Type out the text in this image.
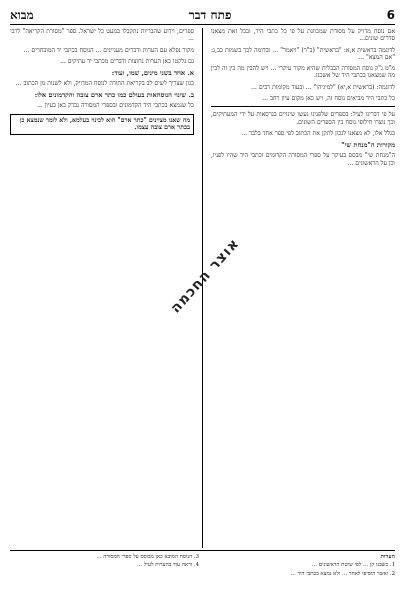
6
פתח דבר
מבוא

אם נוסח מדויק על מסורת שמכוונת על פי כל כתבי היד, ובכל זאת מצאנו סדרים שונים...

לדוגמה בראשית א,א: "בראשית" (ב"ר) "ויאמר" ... ובדומה לכך בשמות כב,ג: "אם המצא" ...

מ"מ ג"ק נוסח המסורה הבבלית שהיא מקור עיקרי ... ויש להבין מה בין זה לבין מה שמצאנו בכתבי היד של אשכנז.

לדוגמה: (בראשית א,יא) "למיניהו" ... ובעוד מקומות רבים ...

כל כתבי היד מביאים נוסח זה, ויש כאן מקום עיון רחב ...

על פי דברינו לעיל: בספרים שלפנינו נעשו שינויים בגרסאות על ידי המעתיקים, וכך נוצרו חילופי נוסח בין הספרים השונים.

בגלל אלו, לא מצאנו לנכון לתקן את הכתוב לפי ספר אחד בלבד ...

מקורות ה"מנחת שי"

ה"מנחת שי" מבסס בעיקר על ספרי המסורה הקדומים וכתבי היד שהיו לפניו, וכן על הראשונים ...

ספרים, וידוע שהבריות נתקבלו במעט כל ישראל. ספר "מסורת הקריאה" לרבי ...

מקור נפלא עם הערות ודברים מעניינים ... הנוסח בכתבי יד המובחרים ...

גם נלקטו כאן הערות נחוצות ודברים מכתבי יד עתיקים ...

א. אחד בשני מינים, שמו, ועוד:

כגון שצריך לשים לב בקריאת התורה לנוסח המדויק, ולא לשנות מן הכתוב ...

ב. שינוי הנוסחאות בעולם כמו כתר ארם צובה והקדמונים אלו:

כל שנמצא בכתבי היד הקדמונים ובספרי המסורה נבדק כאן בעיון ...

מה שאנו מציינים "כתר ארם" הוא לכינוי בעלמא, ולא לומר שנמצא כן בכתר ארם צובה עצמו.
אוצר החכמה
הערות

1. כשבנו קן ... לפי שיטת הראשונים ...

2. ואשר הוסיפו לאחר ... ולא נמצא בכתבי היד ...

3. הנוסח המובא כאן מבוסס על ספרי המסורה ...

4. וראה עוד בהערות לעיל ...
